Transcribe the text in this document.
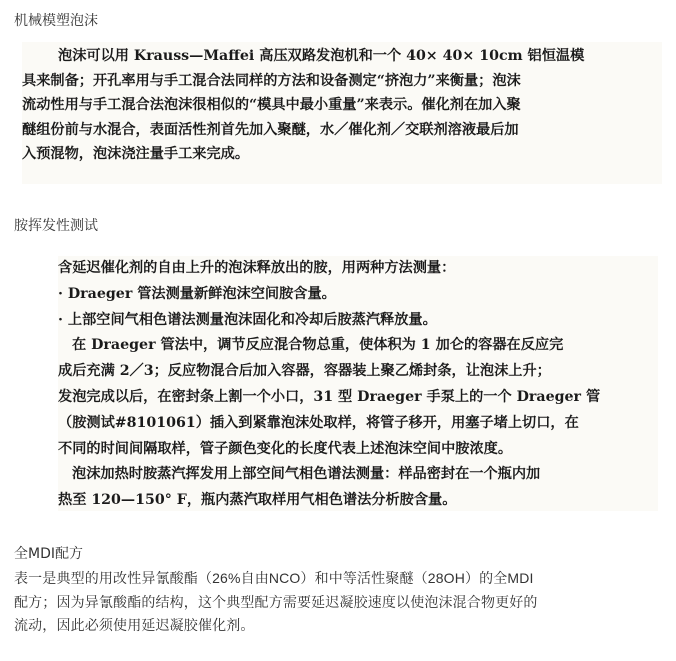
机械模塑泡沫

泡沫可以用 Krauss—Maffei 高压双路发泡机和一个 40× 40× 10cm 铝恒温模

具来制备；开孔率用与手工混合法同样的方法和设备测定“挤泡力”来衡量；泡沫

流动性用与手工混合法泡沫很相似的“模具中最小重量”来表示。催化剂在加入聚

醚组份前与水混合，表面活性剂首先加入聚醚，水／催化剂／交联剂溶液最后加

入预混物，泡沫浇注量手工来完成。

胺挥发性测试

含延迟催化剂的自由上升的泡沫释放出的胺，用两种方法测量：

· Draeger 管法测量新鲜泡沫空间胺含量。

· 上部空间气相色谱法测量泡沫固化和冷却后胺蒸汽释放量。

在 Draeger 管法中，调节反应混合物总重，使体积为 1 加仑的容器在反应完

成后充满 2／3；反应物混合后加入容器，容器装上聚乙烯封条，让泡沫上升；

发泡完成以后，在密封条上割一个小口，31 型 Draeger 手泵上的一个 Draeger 管

（胺测试#8101061）插入到紧靠泡沫处取样，将管子移开，用塞子堵上切口，在

不同的时间间隔取样，管子颜色变化的长度代表上述泡沫空间中胺浓度。

泡沫加热时胺蒸汽挥发用上部空间气相色谱法测量：样品密封在一个瓶内加

热至 120—150° F，瓶内蒸汽取样用气相色谱法分析胺含量。

全MDI配方

表一是典型的用改性异氰酸酯（26%自由NCO）和中等活性聚醚（28OH）的全MDI

配方；因为异氰酸酯的结构，这个典型配方需要延迟凝胶速度以使泡沫混合物更好的

流动，因此必须使用延迟凝胶催化剂。
